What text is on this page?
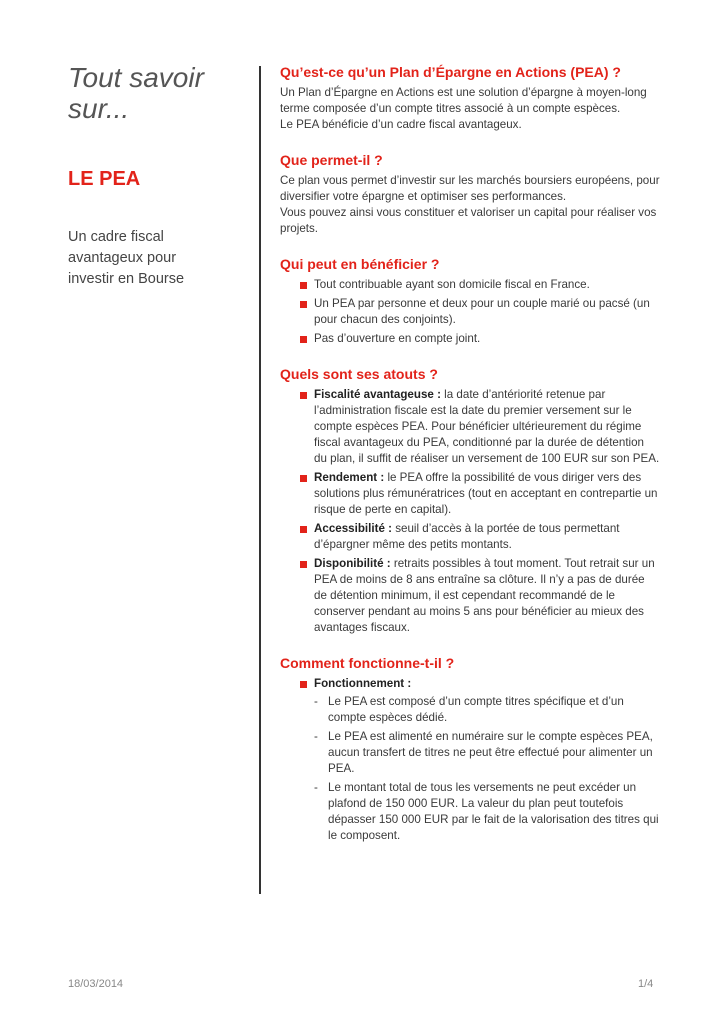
Tout savoir sur...
LE PEA
Un cadre fiscal avantageux pour investir en Bourse
Qu’est-ce qu’un Plan d’Épargne en Actions (PEA) ?

Un Plan d’Épargne en Actions est une solution d’épargne à moyen-long terme composée d’un compte titres associé à un compte espèces.

Le PEA bénéficie d’un cadre fiscal avantageux.

Que permet-il ?

Ce plan vous permet d’investir sur les marchés boursiers européens, pour diversifier votre épargne et optimiser ses performances.

Vous pouvez ainsi vous constituer et valoriser un capital pour réaliser vos projets.

Qui peut en bénéficier ?
Tout contribuable ayant son domicile fiscal en France.
Un PEA par personne et deux pour un couple marié ou pacsé (un pour chacun des conjoints).
Pas d’ouverture en compte joint.
Quels sont ses atouts ?
Fiscalité avantageuse : la date d’antériorité retenue par l’administration fiscale est la date du premier versement sur le compte espèces PEA. Pour bénéficier ultérieurement du régime fiscal avantageux du PEA, conditionné par la durée de détention du plan, il suffit de réaliser un versement de 100 EUR sur son PEA.
Rendement : le PEA offre la possibilité de vous diriger vers des solutions plus rémunératrices (tout en acceptant en contrepartie un risque de perte en capital).
Accessibilité : seuil d’accès à la portée de tous permettant d’épargner même des petits montants.
Disponibilité : retraits possibles à tout moment. Tout retrait sur un PEA de moins de 8 ans entraîne sa clôture. Il n’y a pas de durée de détention minimum, il est cependant recommandé de le conserver pendant au moins 5 ans pour bénéficier au mieux des avantages fiscaux.
Comment fonctionne-t-il ?
Fonctionnement :
- Le PEA est composé d’un compte titres spécifique et d’un compte espèces dédié.
- Le PEA est alimenté en numéraire sur le compte espèces PEA, aucun transfert de titres ne peut être effectué pour alimenter un PEA.
- Le montant total de tous les versements ne peut excéder un plafond de 150 000 EUR. La valeur du plan peut toutefois dépasser 150 000 EUR par le fait de la valorisation des titres qui le composent.
18/03/2014	1/4
